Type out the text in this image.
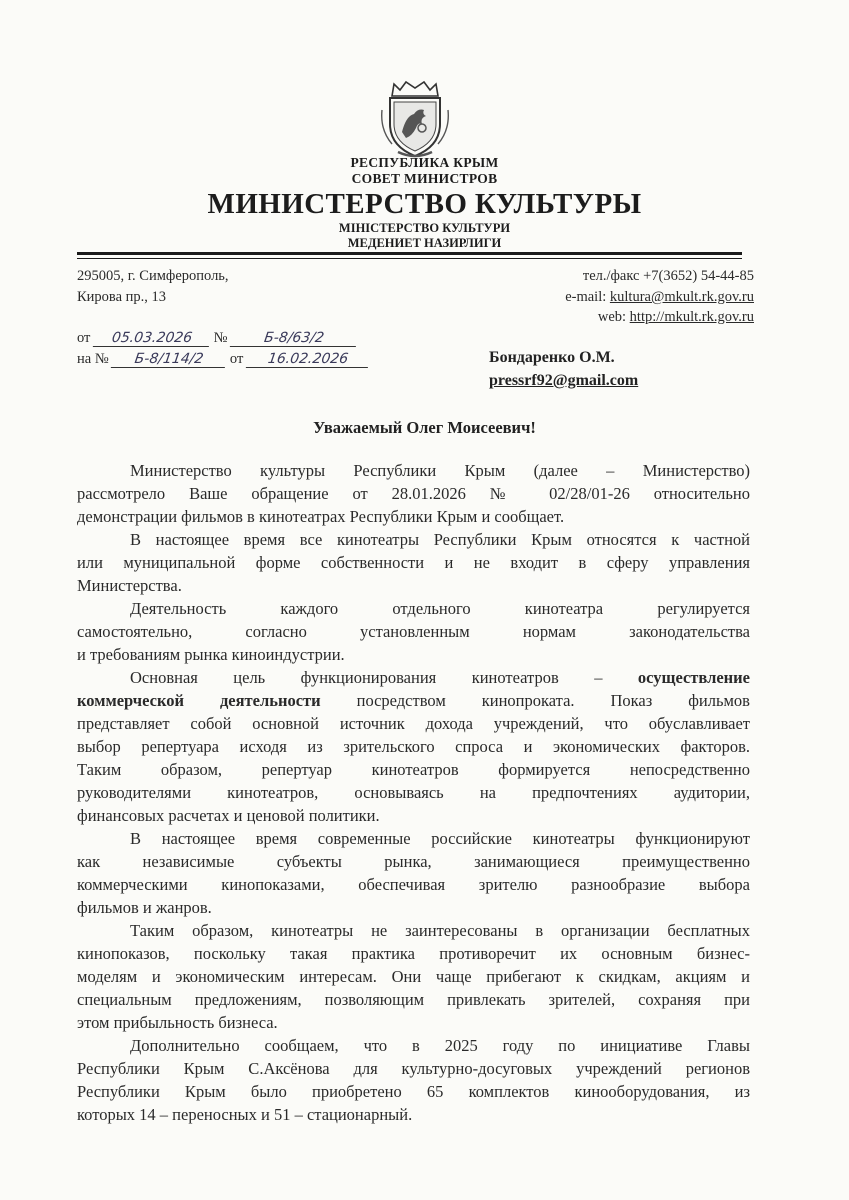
РЕСПУБЛИКА КРЫМ
СОВЕТ МИНИСТРОВ
МИНИСТЕРСТВО КУЛЬТУРЫ
МІНІСТЕРСТВО КУЛЬТУРИ
МЕДЕНИЕТ НАЗИРЛИГИ
295005, г. Симферополь,
Кирова пр., 13
тел./факс +7(3652) 54-44-85
e-mail: kultura@mkult.rk.gov.ru
web: http://mkult.rk.gov.ru
от 05.03.2026 №	Б-8/63/2
на № Б-8/114/2 от 16.02.2026	Бондаренко О.М.
pressrf92@gmail.com
Уважаемый Олег Моисеевич!
Министерство культуры Республики Крым (далее – Министерство)
рассмотрело Ваше обращение от 28.01.2026 № 02/28/01-26 относительно
демонстрации фильмов в кинотеатрах Республики Крым и сообщает.
В настоящее время все кинотеатры Республики Крым относятся к частной
или муниципальной форме собственности и не входит в сферу управления
Министерства.
Деятельность каждого отдельного кинотеатра регулируется
самостоятельно, согласно установленным нормам законодательства
и требованиям рынка киноиндустрии.
Основная цель функционирования кинотеатров – осуществление
коммерческой деятельности посредством кинопроката. Показ фильмов
представляет собой основной источник дохода учреждений, что обуславливает
выбор репертуара исходя из зрительского спроса и экономических факторов.
Таким образом, репертуар кинотеатров формируется непосредственно
руководителями кинотеатров, основываясь на предпочтениях аудитории,
финансовых расчетах и ценовой политики.
В настоящее время современные российские кинотеатры функционируют
как независимые субъекты рынка, занимающиеся преимущественно
коммерческими кинопоказами, обеспечивая зрителю разнообразие выбора
фильмов и жанров.
Таким образом, кинотеатры не заинтересованы в организации бесплатных
кинопоказов, поскольку такая практика противоречит их основным бизнес-
моделям и экономическим интересам. Они чаще прибегают к скидкам, акциям и
специальным предложениям, позволяющим привлекать зрителей, сохраняя при
этом прибыльность бизнеса.
Дополнительно сообщаем, что в 2025 году по инициативе Главы
Республики Крым С.Аксёнова для культурно-досуговых учреждений регионов
Республики Крым было приобретено 65 комплектов кинооборудования, из
которых 14 – переносных и 51 – стационарный.
